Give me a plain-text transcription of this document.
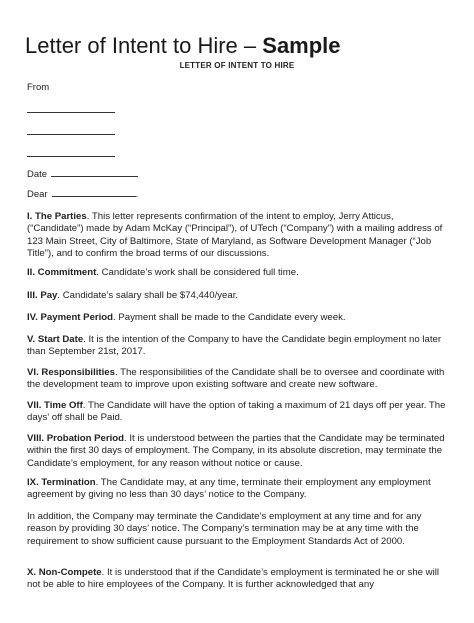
Letter of Intent to Hire – Sample
LETTER OF INTENT TO HIRE
From
Date
Dear	.

I. The Parties. This letter represents confirmation of the intent to employ, Jerry Atticus, (“Candidate”) made by Adam McKay (“Principal”), of UTech (“Company”) with a mailing address of 123 Main Street, City of Baltimore, State of Maryland, as Software Development Manager (“Job Title”), and to confirm the broad terms of our discussions.

II. Commitment. Candidate’s work shall be considered full time.

III. Pay. Candidate’s salary shall be $74,440/year.

IV. Payment Period. Payment shall be made to the Candidate every week.

V. Start Date. It is the intention of the Company to have the Candidate begin employment no later than September 21st, 2017.

VI. Responsibilities. The responsibilities of the Candidate shall be to oversee and coordinate with the development team to improve upon existing software and create new software.

VII. Time Off. The Candidate will have the option of taking a maximum of 21 days off per year. The days’ off shall be Paid.

VIII. Probation Period. It is understood between the parties that the Candidate may be terminated within the first 30 days of employment. The Company, in its absolute discretion, may terminate the Candidate’s employment, for any reason without notice or cause.

IX. Termination. The Candidate may, at any time, terminate their employment any employment agreement by giving no less than 30 days’ notice to the Company.

In addition, the Company may terminate the Candidate’s employment at any time and for any reason by providing 30 days’ notice. The Company’s termination may be at any time with the requirement to show sufficient cause pursuant to the Employment Standards Act of 2000.

X. Non-Compete. It is understood that if the Candidate’s employment is terminated he or she will not be able to hire employees of the Company. It is further acknowledged that any
